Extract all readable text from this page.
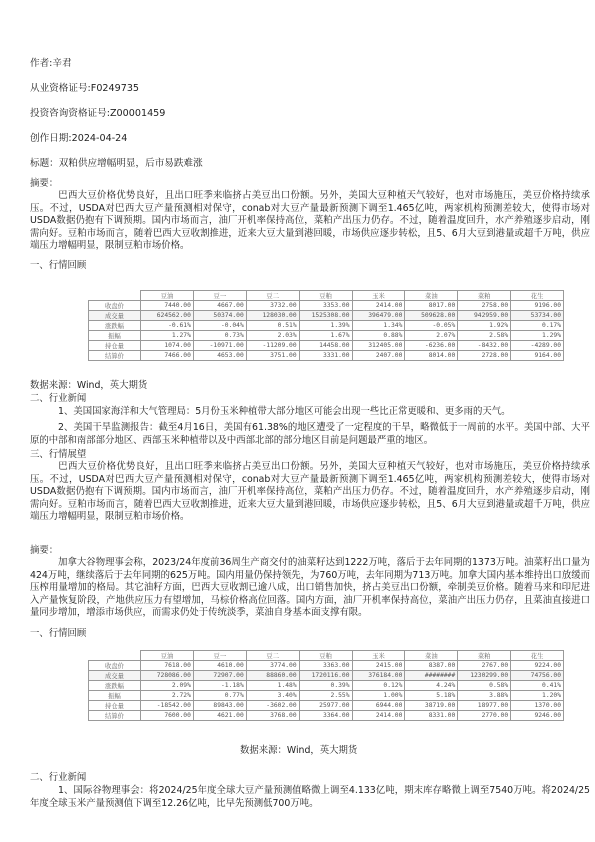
作者:辛君
从业资格证号:F0249735
投资咨询资格证号:Z00001459
创作日期:2024-04-24
标题：双粕供应增幅明显，后市易跌难涨
摘要：
巴西大豆价格优势良好，且出口旺季来临挤占美豆出口份额。另外，美国大豆种植天气较好，也对市场施压，美豆价格持续承压。不过，USDA对巴西大豆产量预测相对保守，conab对大豆产量最新预测下调至1.465亿吨，两家机构预测差较大，使得市场对USDA数据仍抱有下调预期。国内市场而言，油厂开机率保持高位，菜粕产出压力仍存。不过，随着温度回升，水产养殖逐步启动，刚需向好。豆粕市场而言，随着巴西大豆收割推进，近来大豆大量到港回暖，市场供应逐步转松，且5、6月大豆到港量或超千万吨，供应端压力增幅明显，限制豆粕市场价格。
一、行情回顾
	豆油	豆一	豆二	豆粕	玉米	菜油	菜粕	花生
收盘价	7440.00	4667.00	3732.00	3353.00	2414.00	8017.00	2758.00	9196.00
成交量	624562.00	50374.00	128030.00	1525308.00	396479.00	509628.00	942959.00	53734.00
涨跌幅	-0.61%	-0.04%	0.51%	1.39%	1.34%	-0.05%	1.92%	0.17%
振幅	1.27%	0.73%	2.03%	1.67%	0.88%	2.07%	2.58%	1.29%
持仓量	1074.00	-10971.00	-11209.00	14458.00	312405.00	-6236.00	-8432.00	-4289.00
结算价	7466.00	4653.00	3751.00	3331.00	2407.00	8014.00	2728.00	9164.00
数据来源：Wind，英大期货
二、行业新闻
1、美国国家海洋和大气管理局：5月份玉米种植带大部分地区可能会出现一些比正常更暖和、更多雨的天气。
2、美国干旱监测报告：截至4月16日，美国有61.38%的地区遭受了一定程度的干旱，略微低于一周前的水平。美国中部、大平原的中部和南部部分地区、西部玉米种植带以及中西部北部的部分地区目前是问题最严重的地区。
三、行情展望
巴西大豆价格优势良好，且出口旺季来临挤占美豆出口份额。另外，美国大豆种植天气较好，也对市场施压，美豆价格持续承压。不过，USDA对巴西大豆产量预测相对保守，conab对大豆产量最新预测下调至1.465亿吨，两家机构预测差较大，使得市场对USDA数据仍抱有下调预期。国内市场而言，油厂开机率保持高位，菜粕产出压力仍存。不过，随着温度回升，水产养殖逐步启动，刚需向好。豆粕市场而言，随着巴西大豆收割推进，近来大豆大量到港回暖，市场供应逐步转松，且5、6月大豆到港量或超千万吨，供应端压力增幅明显，限制豆粕市场价格。
摘要：
加拿大谷物理事会称，2023/24年度前36周生产商交付的油菜籽达到1222万吨，落后于去年同期的1373万吨。油菜籽出口量为424万吨，继续落后于去年同期的625万吨。国内用量仍保持领先，为760万吨，去年同期为713万吨。加拿大国内基本维持出口放缓而压榨用量增加的格局。其它油籽方面，巴西大豆收割已逾八成，出口销售加快，挤占美豆出口份额，牵制美豆价格。随着马来和印尼进入产量恢复阶段，产地供应压力有望增加，马棕价格高位回落。国内方面，油厂开机率保持高位，菜油产出压力仍存，且菜油直接进口量同步增加，增添市场供应，而需求仍处于传统淡季，菜油自身基本面支撑有限。
一、行情回顾
	豆油	豆一	豆二	豆粕	玉米	菜油	菜粕	花生
收盘价	7618.00	4610.00	3774.00	3363.00	2415.00	8387.00	2767.00	9224.00
成交量	728086.00	72907.00	88860.00	1720116.00	376184.00	########	1230299.00	74756.00
涨跌幅	2.09%	-1.18%	1.48%	0.39%	0.12%	4.24%	0.58%	0.41%
振幅	2.72%	0.77%	3.40%	2.55%	1.00%	5.18%	3.88%	1.20%
持仓量	-18542.00	89843.00	-3602.00	25977.00	6944.00	38719.00	18977.00	1370.00
结算价	7600.00	4621.00	3768.00	3364.00	2414.00	8331.00	2770.00	9246.00
数据来源：Wind，英大期货
二、行业新闻
1、国际谷物理事会：将2024/25年度全球大豆产量预测值略微上调至4.133亿吨，期末库存略微上调至7540万吨。将2024/25年度全球玉米产量预测值下调至12.26亿吨，比早先预测低700万吨。
